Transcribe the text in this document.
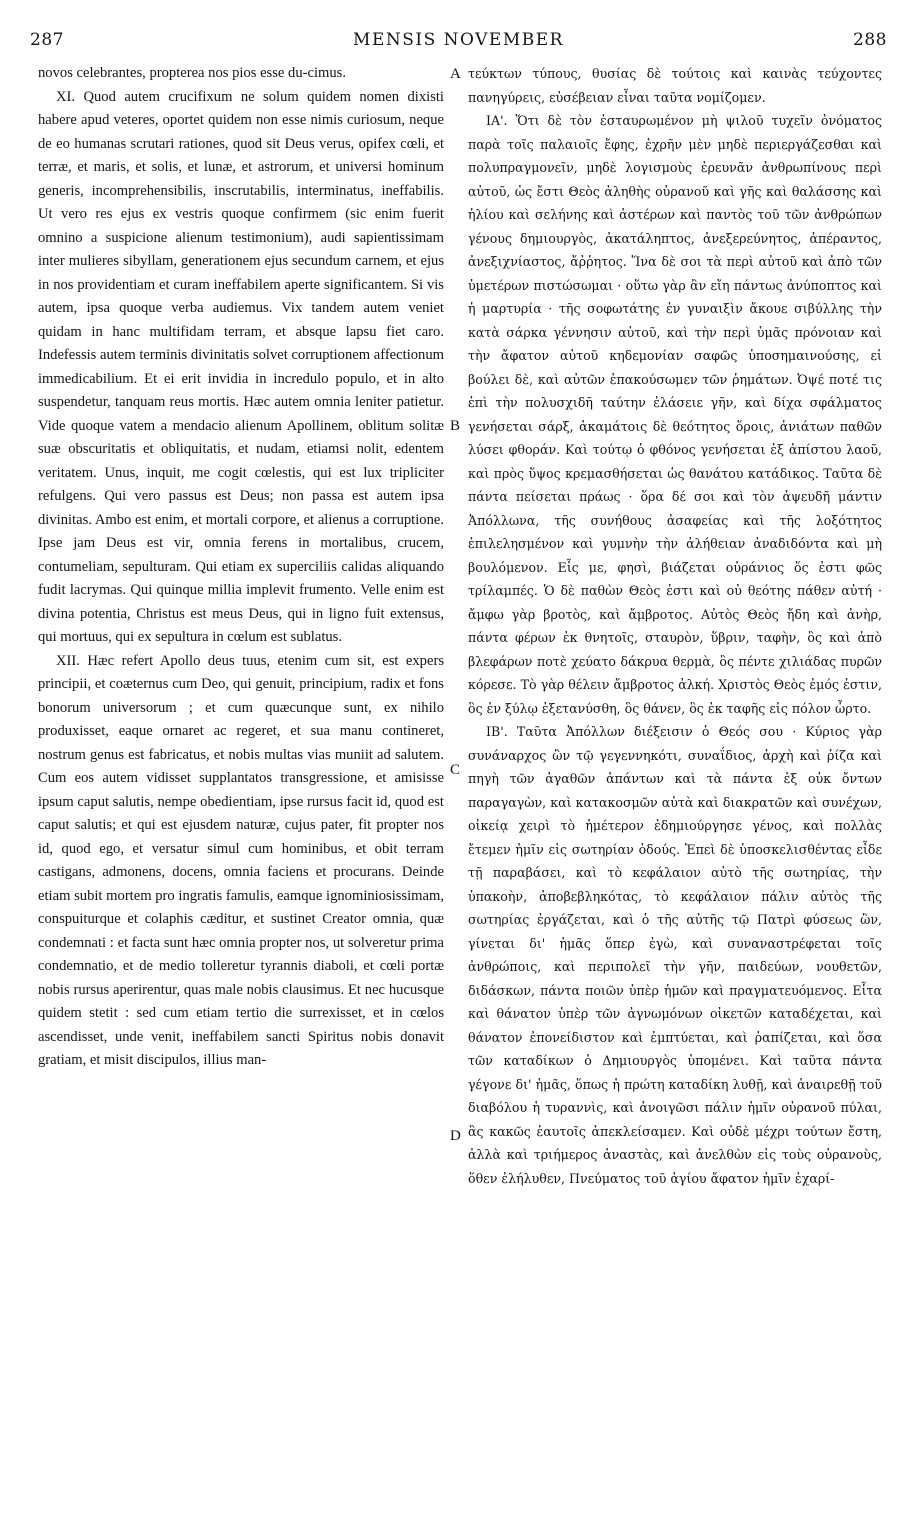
287	MENSIS NOVEMBER	288

novos celebrantes, propterea nos pios esse du-cimus.

XI. Quod autem crucifixum ne solum quidem nomen dixisti habere apud veteres, oportet quidem non esse nimis curiosum, neque de eo humanas scrutari rationes, quod sit Deus verus, opifex cœli, et terræ, et maris, et solis, et lunæ, et astrorum, et universi hominum generis, incomprehensibilis, inscrutabilis, interminatus, ineffabilis. Ut vero res ejus ex vestris quoque confirmem (sic enim fuerit omnino a suspicione alienum testimonium), audi sapientissimam inter mulieres sibyllam, generationem ejus secundum carnem, et ejus in nos providentiam et curam ineffabilem aperte significantem. Si vis autem, ipsa quoque verba audiemus. Vix tandem autem veniet quidam in hanc multifidam terram, et absque lapsu fiet caro. Indefessis autem terminis divinitatis solvet corruptionem affectionum immedicabilium. Et ei erit invidia in incredulo populo, et in alto suspendetur, tanquam reus mortis. Hæc autem omnia leniter patietur. Vide quoque vatem a mendacio alienum Apollinem, oblitum solitæ suæ obscuritatis et obliquitatis, et nudam, etiamsi nolit, edentem veritatem. Unus, inquit, me cogit cœlestis, qui est lux tripliciter refulgens. Qui vero passus est Deus; non passa est autem ipsa divinitas. Ambo est enim, et mortali corpore, et alienus a corruptione. Ipse jam Deus est vir, omnia ferens in mortalibus, crucem, contumeliam, sepulturam. Qui etiam ex superciliis calidas aliquando fudit lacrymas. Qui quinque millia implevit frumento. Velle enim est divina potentia, Christus est meus Deus, qui in ligno fuit extensus, qui mortuus, qui ex sepultura in cœlum est sublatus.

XII. Hæc refert Apollo deus tuus, etenim cum sit, est expers principii, et coæternus cum Deo, qui genuit, principium, radix et fons bonorum universorum ; et cum quæcunque sunt, ex nihilo produxisset, eaque ornaret ac regeret, et sua manu contineret, nostrum genus est fabricatus, et nobis multas vias muniit ad salutem. Cum eos autem vidisset supplantatos transgressione, et amisisse ipsum caput salutis, nempe obedientiam, ipse rursus facit id, quod est caput salutis; et qui est ejusdem naturæ, cujus pater, fit propter nos id, quod ego, et versatur simul cum hominibus, et obit terram castigans, admonens, docens, omnia faciens et procurans. Deinde etiam subit mortem pro ingratis famulis, eamque ignominiosissimam, conspuiturque et colaphis cæditur, et sustinet Creator omnia, quæ condemnati : et facta sunt hæc omnia propter nos, ut solveretur prima condemnatio, et de medio tolleretur tyrannis diaboli, et cœli portæ nobis rursus aperirentur, quas male nobis clausimus. Et nec hucusque quidem stetit : sed cum etiam tertio die surrexisset, et in cœlos ascendisset, unde venit, ineffabilem sancti Spiritus nobis donavit gratiam, et misit discipulos, illius man-

A
B
C
D

τεύκτων τύπους, θυσίας δὲ τούτοις καὶ καινὰς τεύχοντες πανηγύρεις, εὐσέβειαν εἶναι ταῦτα νομίζομεν.

ΙΑ'. Ὅτι δὲ τὸν ἐσταυρωμένον μὴ ψιλοῦ τυχεῖν ὀνόματος παρὰ τοῖς παλαιοῖς ἔφης, ἐχρῆν μὲν μηδὲ περιεργάζεσθαι καὶ πολυπραγμονεῖν, μηδὲ λογισμοὺς ἐρευνᾶν ἀνθρωπίνους περὶ αὐτοῦ, ὡς ἔστι Θεὸς ἀληθὴς οὐρανοῦ καὶ γῆς καὶ θαλάσσης καὶ ἡλίου καὶ σελήνης καὶ ἀστέρων καὶ παντὸς τοῦ τῶν ἀνθρώπων γένους δημιουργὸς, ἀκατάληπτος, ἀνεξερεύνητος, ἀπέραντος, ἀνεξιχνίαστος, ἄῤῥητος. Ἵνα δὲ σοι τὰ περὶ αὐτοῦ καὶ ἀπὸ τῶν ὑμετέρων πιστώσωμαι · οὕτω γὰρ ἂν εἴη πάντως ἀνύποπτος καὶ ἡ μαρτυρία · τῆς σοφωτάτης ἐν γυναιξὶν ἄκουε σιβύλλης τὴν κατὰ σάρκα γέννησιν αὐτοῦ, καὶ τὴν περὶ ὑμᾶς πρόνοιαν καὶ τὴν ἄφατον αὐτοῦ κηδεμονίαν σαφῶς ὑποσημαινούσης, εἰ βούλει δὲ, καὶ αὐτῶν ἐπακούσωμεν τῶν ῥημάτων. Ὀψέ ποτέ τις ἐπὶ τὴν πολυσχιδῆ ταύτην ἐλάσειε γῆν, καὶ δίχα σφάλματος γενήσεται σάρξ, ἀκαμάτοις δὲ θεότητος ὅροις, ἀνιάτων παθῶν λύσει φθοράν. Καὶ τούτῳ ὁ φθόνος γενήσεται ἐξ ἀπίστου λαοῦ, καὶ πρὸς ὕψος κρεμασθήσεται ὡς θανάτου κατάδικος. Ταῦτα δὲ πάντα πείσεται πράως · ὅρα δέ σοι καὶ τὸν ἀψευδῆ μάντιν Ἀπόλλωνα, τῆς συνήθους ἀσαφείας καὶ τῆς λοξότητος ἐπιλελησμένον καὶ γυμνὴν τὴν ἀλήθειαν ἀναδιδόντα καὶ μὴ βουλόμενον. Εἷς με, φησὶ, βιάζεται οὐράνιος ὅς ἐστι φῶς τρίλαμπές. Ὁ δὲ παθὼν Θεὸς ἐστι καὶ οὐ θεότης πάθεν αὐτή · ἄμφω γὰρ βροτὸς, καὶ ἄμβροτος. Αὐτὸς Θεὸς ἤδη καὶ ἀνὴρ, πάντα φέρων ἐκ θνητοῖς, σταυρὸν, ὕβριν, ταφὴν, ὃς καὶ ἀπὸ βλεφάρων ποτὲ χεύατο δάκρυα θερμὰ, ὃς πέντε χιλιάδας πυρῶν κόρεσε. Τὸ γὰρ θέλειν ἄμβροτος ἀλκή. Χριστὸς Θεὸς ἐμός ἐστιν, ὃς ἐν ξύλῳ ἐξετανύσθη, ὃς θάνεν, ὃς ἐκ ταφῆς εἰς πόλον ὦρτο.

ΙΒ'. Ταῦτα Ἀπόλλων διέξεισιν ὁ Θεός σου · Κύριος γὰρ συνάναρχος ὢν τῷ γεγεννηκότι, συναΐδιος, ἀρχὴ καὶ ῥίζα καὶ πηγὴ τῶν ἀγαθῶν ἁπάντων καὶ τὰ πάντα ἐξ οὐκ ὄντων παραγαγὼν, καὶ κατακοσμῶν αὐτὰ καὶ διακρατῶν καὶ συνέχων, οἰκείᾳ χειρὶ τὸ ἡμέτερον ἐδημιούργησε γένος, καὶ πολλὰς ἔτεμεν ἡμῖν εἰς σωτηρίαν ὁδούς. Ἐπεὶ δὲ ὑποσκελισθέντας εἶδε τῇ παραβάσει, καὶ τὸ κεφάλαιον αὐτὸ τῆς σωτηρίας, τὴν ὑπακοὴν, ἀποβεβληκότας, τὸ κεφάλαιον πάλιν αὐτὸς τῆς σωτηρίας ἐργάζεται, καὶ ὁ τῆς αὐτῆς τῷ Πατρὶ φύσεως ὢν, γίνεται δι' ἡμᾶς ὅπερ ἐγὼ, καὶ συναναστρέφεται τοῖς ἀνθρώποις, καὶ περιπολεῖ τὴν γῆν, παιδεύων, νουθετῶν, διδάσκων, πάντα ποιῶν ὑπὲρ ἡμῶν καὶ πραγματευόμενος. Εἶτα καὶ θάνατον ὑπὲρ τῶν ἀγνωμόνων οἰκετῶν καταδέχεται, καὶ θάνατον ἐπονείδιστον καὶ ἐμπτύεται, καὶ ῥαπίζεται, καὶ ὅσα τῶν καταδίκων ὁ Δημιουργὸς ὑπομένει. Καὶ ταῦτα πάντα γέγονε δι' ἡμᾶς, ὅπως ἡ πρώτη καταδίκη λυθῇ, καὶ ἀναιρεθῇ τοῦ διαβόλου ἡ τυραννὶς, καὶ ἀνοιγῶσι πάλιν ἡμῖν οὐρανοῦ πύλαι, ἃς κακῶς ἑαυτοῖς ἀπεκλείσαμεν. Καὶ οὐδὲ μέχρι τούτων ἔστη, ἀλλὰ καὶ τριήμερος ἀναστὰς, καὶ ἀνελθὼν εἰς τοὺς οὐρανοὺς, ὅθεν ἐλήλυθεν, Πνεύματος τοῦ ἁγίου ἄφατον ἡμῖν ἐχαρί-
